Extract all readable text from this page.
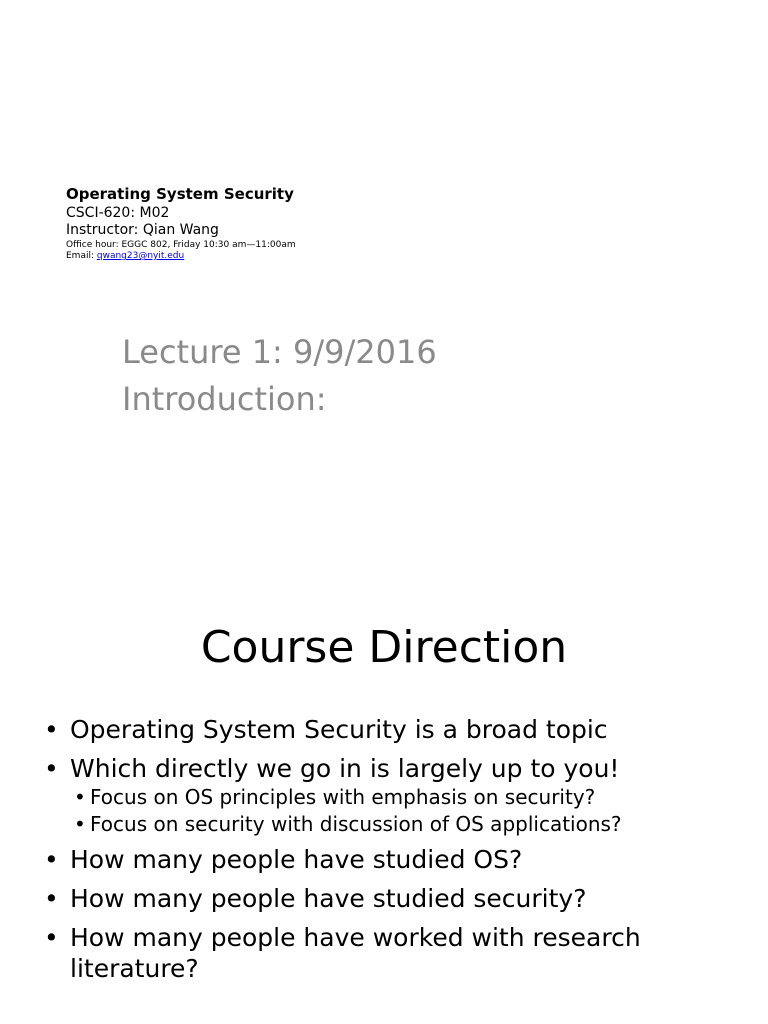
Operating System Security
CSCI-620: M02
Instructor: Qian Wang
Office hour: EGGC 802, Friday 10:30 am—11:00am
Email: qwang23@nyit.edu
Lecture 1: 9/9/2016
Introduction:
Course Direction
• Operating System Security is a broad topic
• Which directly we go in is largely up to you!
• Focus on OS principles with emphasis on security?
• Focus on security with discussion of OS applications?
• How many people have studied OS?
• How many people have studied security?
• How many people have worked with research literature?
